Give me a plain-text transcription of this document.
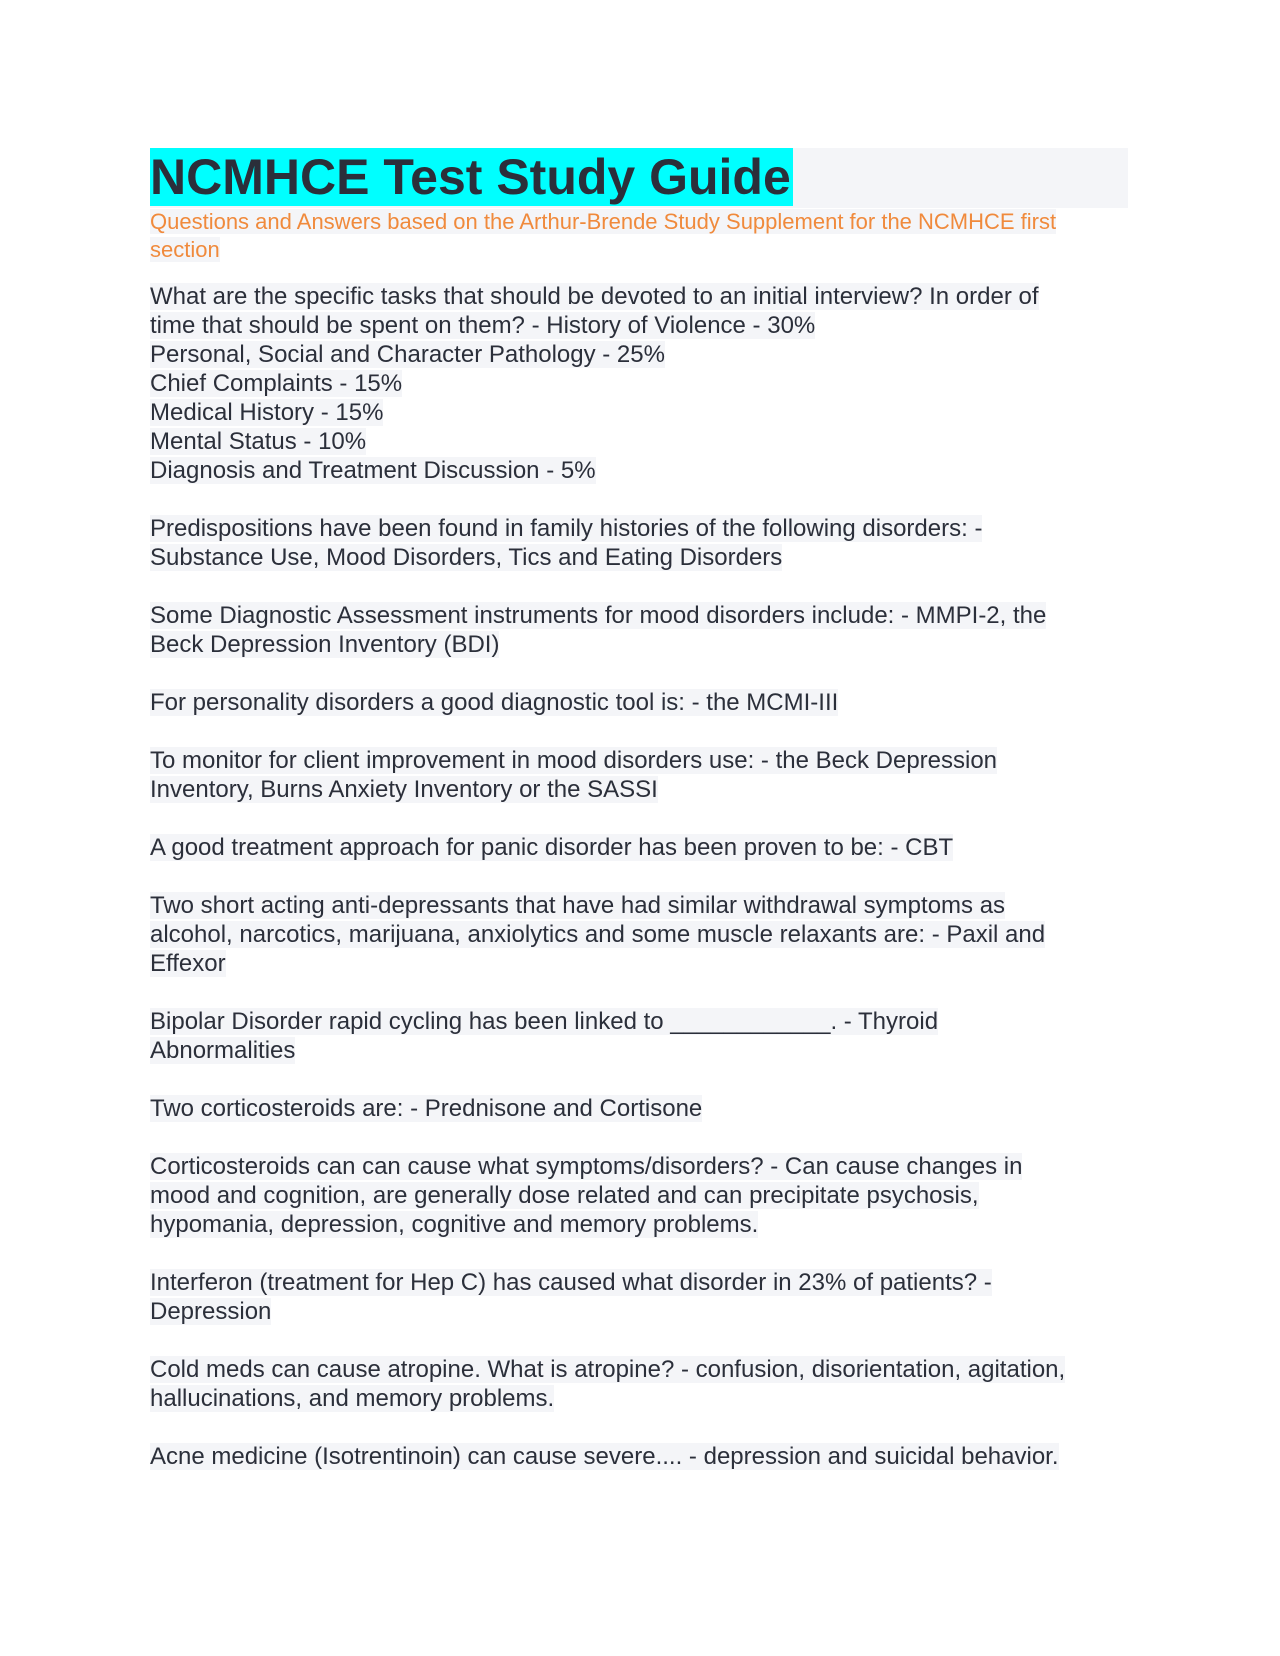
NCMHCE Test Study Guide

Questions and Answers based on the Arthur-Brende Study Supplement for the NCMHCE first
section

What are the specific tasks that should be devoted to an initial interview? In order of
time that should be spent on them? - History of Violence - 30%
Personal, Social and Character Pathology - 25%
Chief Complaints - 15%
Medical History - 15%
Mental Status - 10%
Diagnosis and Treatment Discussion - 5%
Predispositions have been found in family histories of the following disorders: -
Substance Use, Mood Disorders, Tics and Eating Disorders
Some Diagnostic Assessment instruments for mood disorders include: - MMPI-2, the
Beck Depression Inventory (BDI)
For personality disorders a good diagnostic tool is: - the MCMI-III
To monitor for client improvement in mood disorders use: - the Beck Depression
Inventory, Burns Anxiety Inventory or the SASSI
A good treatment approach for panic disorder has been proven to be: - CBT
Two short acting anti-depressants that have had similar withdrawal symptoms as
alcohol, narcotics, marijuana, anxiolytics and some muscle relaxants are: - Paxil and
Effexor
Bipolar Disorder rapid cycling has been linked to ____________. - Thyroid
Abnormalities
Two corticosteroids are: - Prednisone and Cortisone
Corticosteroids can can cause what symptoms/disorders? - Can cause changes in
mood and cognition, are generally dose related and can precipitate psychosis,
hypomania, depression, cognitive and memory problems.
Interferon (treatment for Hep C) has caused what disorder in 23% of patients? -
Depression
Cold meds can cause atropine. What is atropine? - confusion, disorientation, agitation,
hallucinations, and memory problems.
Acne medicine (Isotrentinoin) can cause severe.... - depression and suicidal behavior.
